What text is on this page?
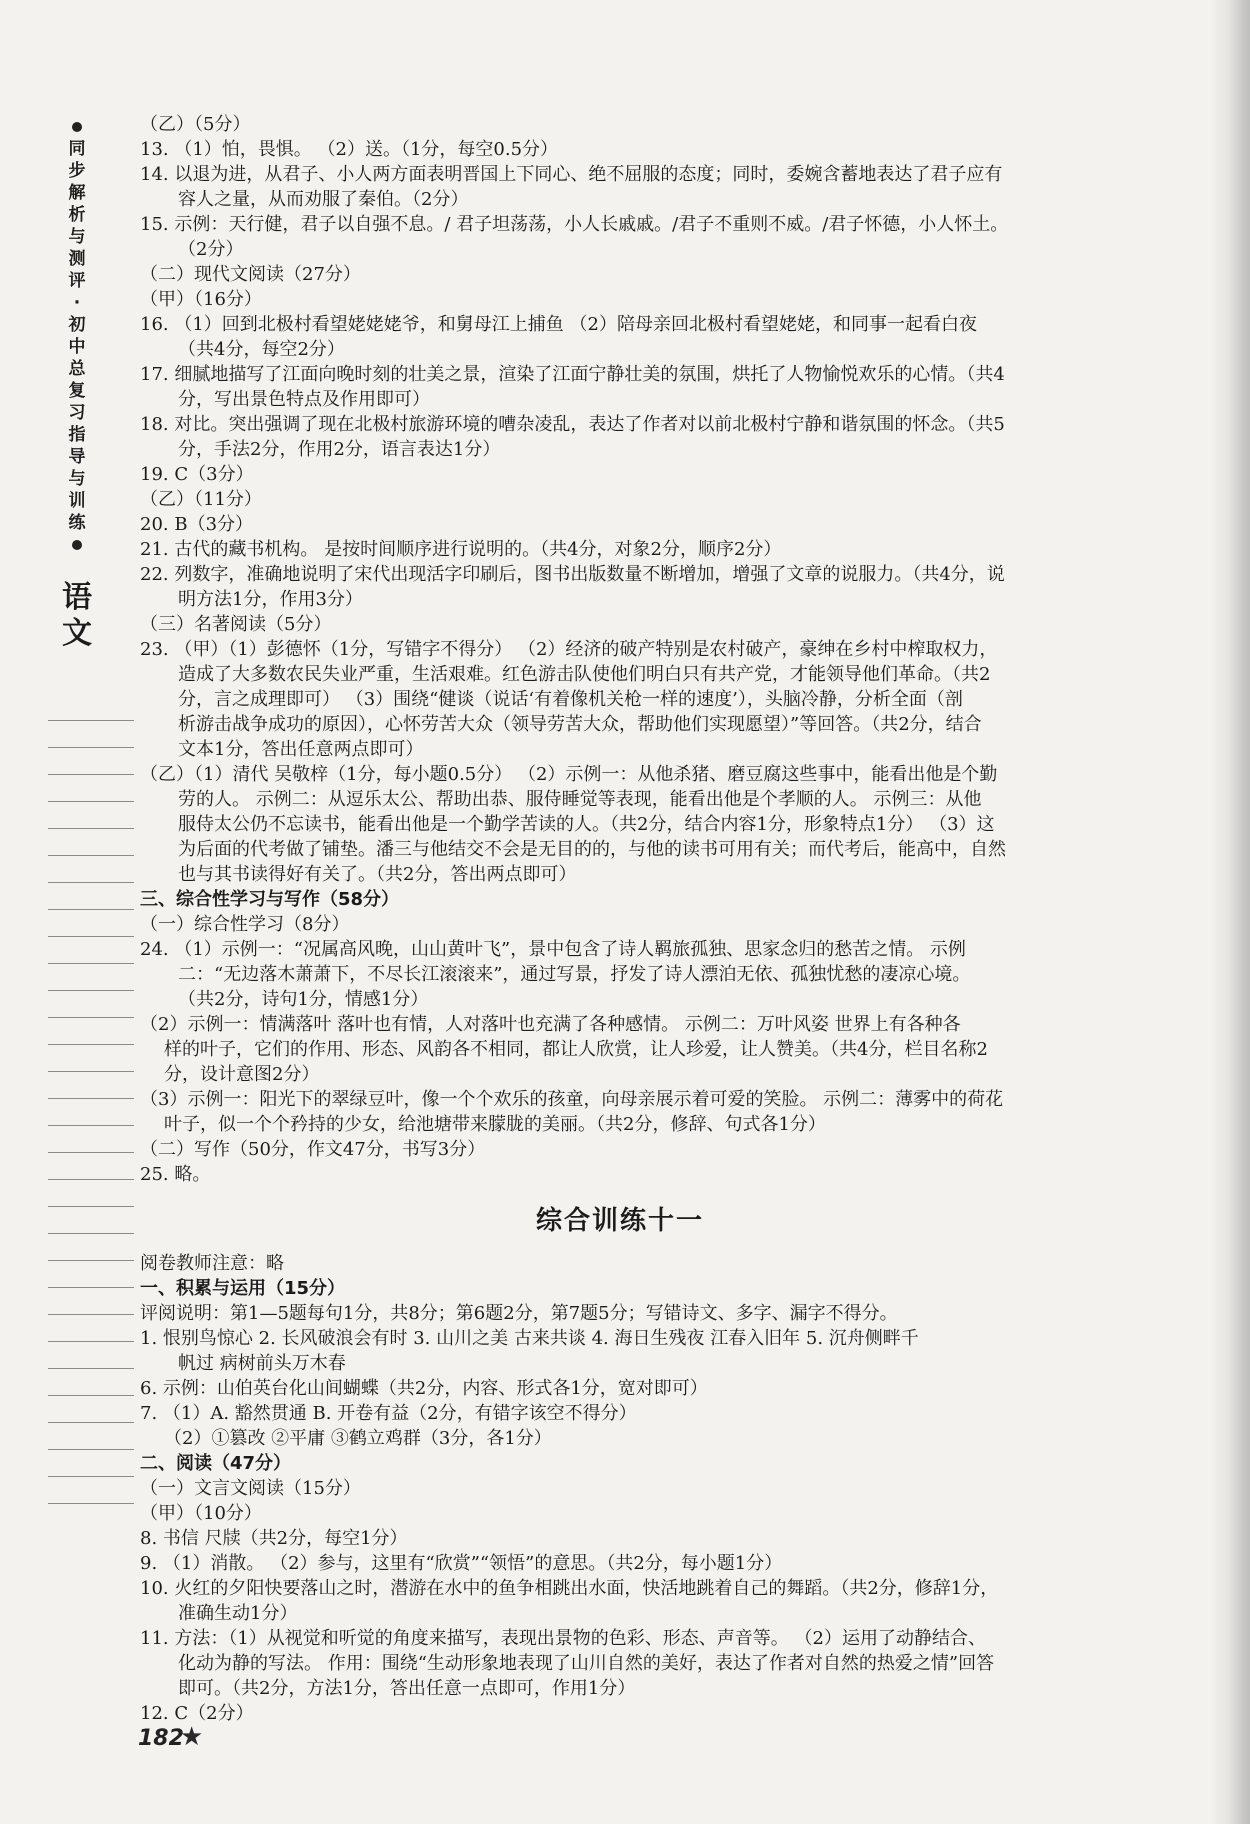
同步解析与测评·初中总复习指导与训练
语文
（乙）（5分）
13. （1）怕，畏惧。 （2）送。（1分，每空0.5分）
14. 以退为进，从君子、小人两方面表明晋国上下同心、绝不屈服的态度；同时，委婉含蓄地表达了君子应有
容人之量，从而劝服了秦伯。（2分）
15. 示例：天行健，君子以自强不息。/ 君子坦荡荡，小人长戚戚。/君子不重则不威。/君子怀德，小人怀土。
（2分）
（二）现代文阅读（27分）
（甲）（16分）
16. （1）回到北极村看望姥姥姥爷，和舅母江上捕鱼 （2）陪母亲回北极村看望姥姥，和同事一起看白夜
（共4分，每空2分）
17. 细腻地描写了江面向晚时刻的壮美之景，渲染了江面宁静壮美的氛围，烘托了人物愉悦欢乐的心情。（共4
分，写出景色特点及作用即可）
18. 对比。突出强调了现在北极村旅游环境的嘈杂凌乱，表达了作者对以前北极村宁静和谐氛围的怀念。（共5
分，手法2分，作用2分，语言表达1分）
19. C（3分）
（乙）（11分）
20. B（3分）
21. 古代的藏书机构。 是按时间顺序进行说明的。（共4分，对象2分，顺序2分）
22. 列数字，准确地说明了宋代出现活字印刷后，图书出版数量不断增加，增强了文章的说服力。（共4分，说
明方法1分，作用3分）
（三）名著阅读（5分）
23. （甲）（1）彭德怀（1分，写错字不得分） （2）经济的破产特别是农村破产，豪绅在乡村中榨取权力，
造成了大多数农民失业严重，生活艰难。红色游击队使他们明白只有共产党，才能领导他们革命。（共2
分，言之成理即可） （3）围绕“健谈（说话‘有着像机关枪一样的速度’），头脑冷静，分析全面（剖
析游击战争成功的原因），心怀劳苦大众（领导劳苦大众，帮助他们实现愿望）”等回答。（共2分，结合
文本1分，答出任意两点即可）
（乙）（1）清代 吴敬梓（1分，每小题0.5分） （2）示例一：从他杀猪、磨豆腐这些事中，能看出他是个勤
劳的人。 示例二：从逗乐太公、帮助出恭、服侍睡觉等表现，能看出他是个孝顺的人。 示例三：从他
服侍太公仍不忘读书，能看出他是一个勤学苦读的人。（共2分，结合内容1分，形象特点1分） （3）这
为后面的代考做了铺垫。潘三与他结交不会是无目的的，与他的读书可用有关；而代考后，能高中，自然
也与其书读得好有关了。（共2分，答出两点即可）
三、综合性学习与写作（58分）
（一）综合性学习（8分）
24. （1）示例一：“况属高风晚，山山黄叶飞”，景中包含了诗人羁旅孤独、思家念归的愁苦之情。 示例
二：“无边落木萧萧下，不尽长江滚滚来”，通过写景，抒发了诗人漂泊无依、孤独忧愁的凄凉心境。
（共2分，诗句1分，情感1分）
（2）示例一：情满落叶 落叶也有情，人对落叶也充满了各种感情。 示例二：万叶风姿 世界上有各种各
样的叶子，它们的作用、形态、风韵各不相同，都让人欣赏，让人珍爱，让人赞美。（共4分，栏目名称2
分，设计意图2分）
（3）示例一：阳光下的翠绿豆叶，像一个个欢乐的孩童，向母亲展示着可爱的笑脸。 示例二：薄雾中的荷花
叶子，似一个个矜持的少女，给池塘带来朦胧的美丽。（共2分，修辞、句式各1分）
（二）写作（50分，作文47分，书写3分）
25. 略。
综合训练十一
阅卷教师注意：略
一、积累与运用（15分）
评阅说明：第1—5题每句1分，共8分；第6题2分，第7题5分；写错诗文、多字、漏字不得分。
1. 恨别鸟惊心 2. 长风破浪会有时 3. 山川之美 古来共谈 4. 海日生残夜 江春入旧年 5. 沉舟侧畔千
帆过 病树前头万木春
6. 示例：山伯英台化山间蝴蝶（共2分，内容、形式各1分，宽对即可）
7. （1）A. 豁然贯通 B. 开卷有益（2分，有错字该空不得分）
（2）①篡改 ②平庸 ③鹤立鸡群（3分，各1分）
二、阅读（47分）
（一）文言文阅读（15分）
（甲）（10分）
8. 书信 尺牍（共2分，每空1分）
9. （1）消散。 （2）参与，这里有“欣赏”“领悟”的意思。（共2分，每小题1分）
10. 火红的夕阳快要落山之时，潜游在水中的鱼争相跳出水面，快活地跳着自己的舞蹈。（共2分，修辞1分，
准确生动1分）
11. 方法：（1）从视觉和听觉的角度来描写，表现出景物的色彩、形态、声音等。 （2）运用了动静结合、
化动为静的写法。 作用：围绕“生动形象地表现了山川自然的美好，表达了作者对自然的热爱之情”回答
即可。（共2分，方法1分，答出任意一点即可，作用1分）
12. C（2分）
182
★
